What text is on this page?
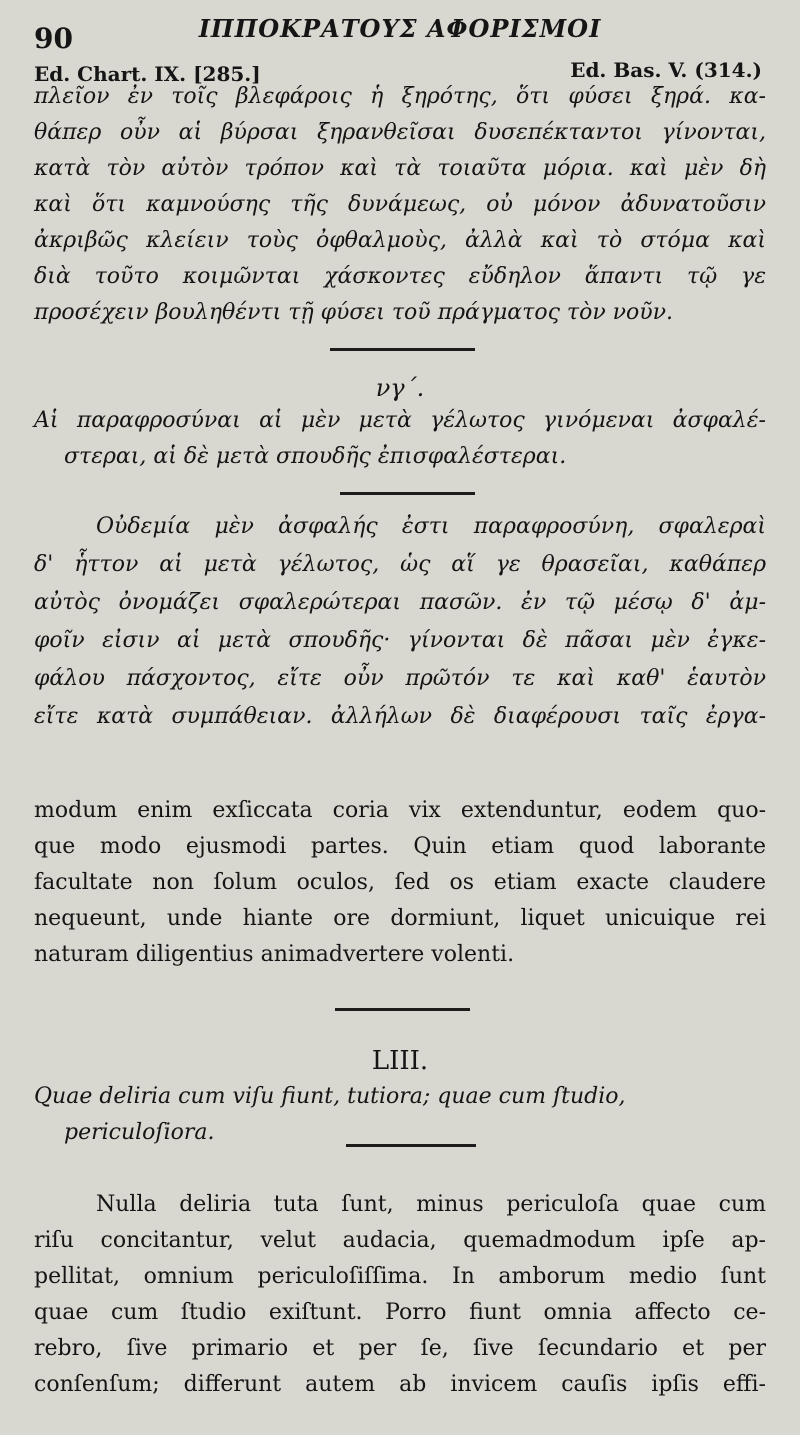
90	ΙΠΠΟΚΡΑΤΟΥΣ ΑΦΟΡΙΣΜΟΙ
Ed. Chart. IX. [285.]	Ed. Bas. V. (314.)
πλεῖον ἐν τοῖς βλεφάροις ἡ ξηρότης, ὅτι φύσει ξηρά. κα-
θάπερ οὖν αἱ βύρσαι ξηρανθεῖσαι δυσεπέκταντοι γίνονται,
κατὰ τὸν αὐτὸν τρόπον καὶ τὰ τοιαῦτα μόρια. καὶ μὲν δὴ
καὶ ὅτι καμνούσης τῆς δυνάμεως, οὐ μόνον ἀδυνατοῦσιν
ἀκριβῶς κλείειν τοὺς ὀφθαλμοὺς, ἀλλὰ καὶ τὸ στόμα καὶ
διὰ τοῦτο κοιμῶνται χάσκοντες εὔδηλον ἅπαντι τῷ γε
προσέχειν βουληθέντι τῇ φύσει τοῦ πράγματος τὸν νοῦν.
νγ΄.
Αἱ παραφροσύναι αἱ μὲν μετὰ γέλωτος γινόμεναι ἀσφαλέ-
στεραι, αἱ δὲ μετὰ σπουδῆς ἐπισφαλέστεραι.
Οὐδεμία μὲν ἀσφαλής ἐστι παραφροσύνη, σφαλεραὶ
δ' ἧττον αἱ μετὰ γέλωτος, ὡς αἵ γε θρασεῖαι, καθάπερ
αὐτὸς ὀνομάζει σφαλερώτεραι πασῶν. ἐν τῷ μέσῳ δ' ἀμ-
φοῖν εἰσιν αἱ μετὰ σπουδῆς· γίνονται δὲ πᾶσαι μὲν ἐγκε-
φάλου πάσχοντος, εἴτε οὖν πρῶτόν τε καὶ καθ' ἑαυτὸν
εἴτε κατὰ συμπάθειαν. ἀλλήλων δὲ διαφέρουσι ταῖς ἐργα-
modum enim exſiccata coria vix extenduntur, eodem quo-
que modo ejusmodi partes. Quin etiam quod laborante
facultate non ſolum oculos, ſed os etiam exacte claudere
nequeunt, unde hiante ore dormiunt, liquet unicuique rei
naturam diligentius animadvertere volenti.
LIII.
Quae deliria cum viſu fiunt, tutiora; quae cum ſtudio,
periculoſiora.
Nulla deliria tuta ſunt, minus periculoſa quae cum
riſu concitantur, velut audacia, quemadmodum ipſe ap-
pellitat, omnium periculoſiſſima. In amborum medio ſunt
quae cum ſtudio exiſtunt. Porro fiunt omnia affecto ce-
rebro, ſive primario et per ſe, ſive ſecundario et per
conſenſum; differunt autem ab invicem cauſis ipſis effi-
